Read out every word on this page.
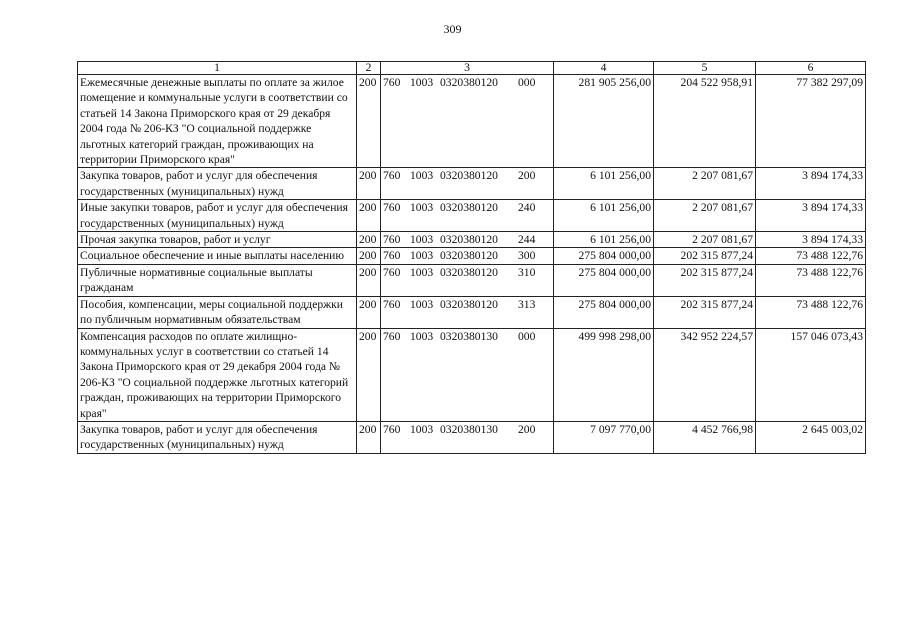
309
1	2	3	4	5	6
Ежемесячные денежные выплаты по оплате за жилое помещение и коммунальные услуги в соответствии со статьей 14 Закона Приморского края от 29 декабря 2004 года № 206-КЗ "О социальной поддержке льготных категорий граждан, проживающих на территории Приморского края"	200	760 1003 0320380120 000	281 905 256,00	204 522 958,91	77 382 297,09
Закупка товаров, работ и услуг для обеспечения государственных (муниципальных) нужд	200	760 1003 0320380120 200	6 101 256,00	2 207 081,67	3 894 174,33
Иные закупки товаров, работ и услуг для обеспечения государственных (муниципальных) нужд	200	760 1003 0320380120 240	6 101 256,00	2 207 081,67	3 894 174,33
Прочая закупка товаров, работ и услуг	200	760 1003 0320380120 244	6 101 256,00	2 207 081,67	3 894 174,33
Социальное обеспечение и иные выплаты населению	200	760 1003 0320380120 300	275 804 000,00	202 315 877,24	73 488 122,76
Публичные нормативные социальные выплаты гражданам	200	760 1003 0320380120 310	275 804 000,00	202 315 877,24	73 488 122,76
Пособия, компенсации, меры социальной поддержки по публичным нормативным обязательствам	200	760 1003 0320380120 313	275 804 000,00	202 315 877,24	73 488 122,76
Компенсация расходов по оплате жилищно-коммунальных услуг в соответствии со статьей 14 Закона Приморского края от 29 декабря 2004 года № 206-КЗ "О социальной поддержке льготных категорий граждан, проживающих на территории Приморского края"	200	760 1003 0320380130 000	499 998 298,00	342 952 224,57	157 046 073,43
Закупка товаров, работ и услуг для обеспечения государственных (муниципальных) нужд	200	760 1003 0320380130 200	7 097 770,00	4 452 766,98	2 645 003,02
